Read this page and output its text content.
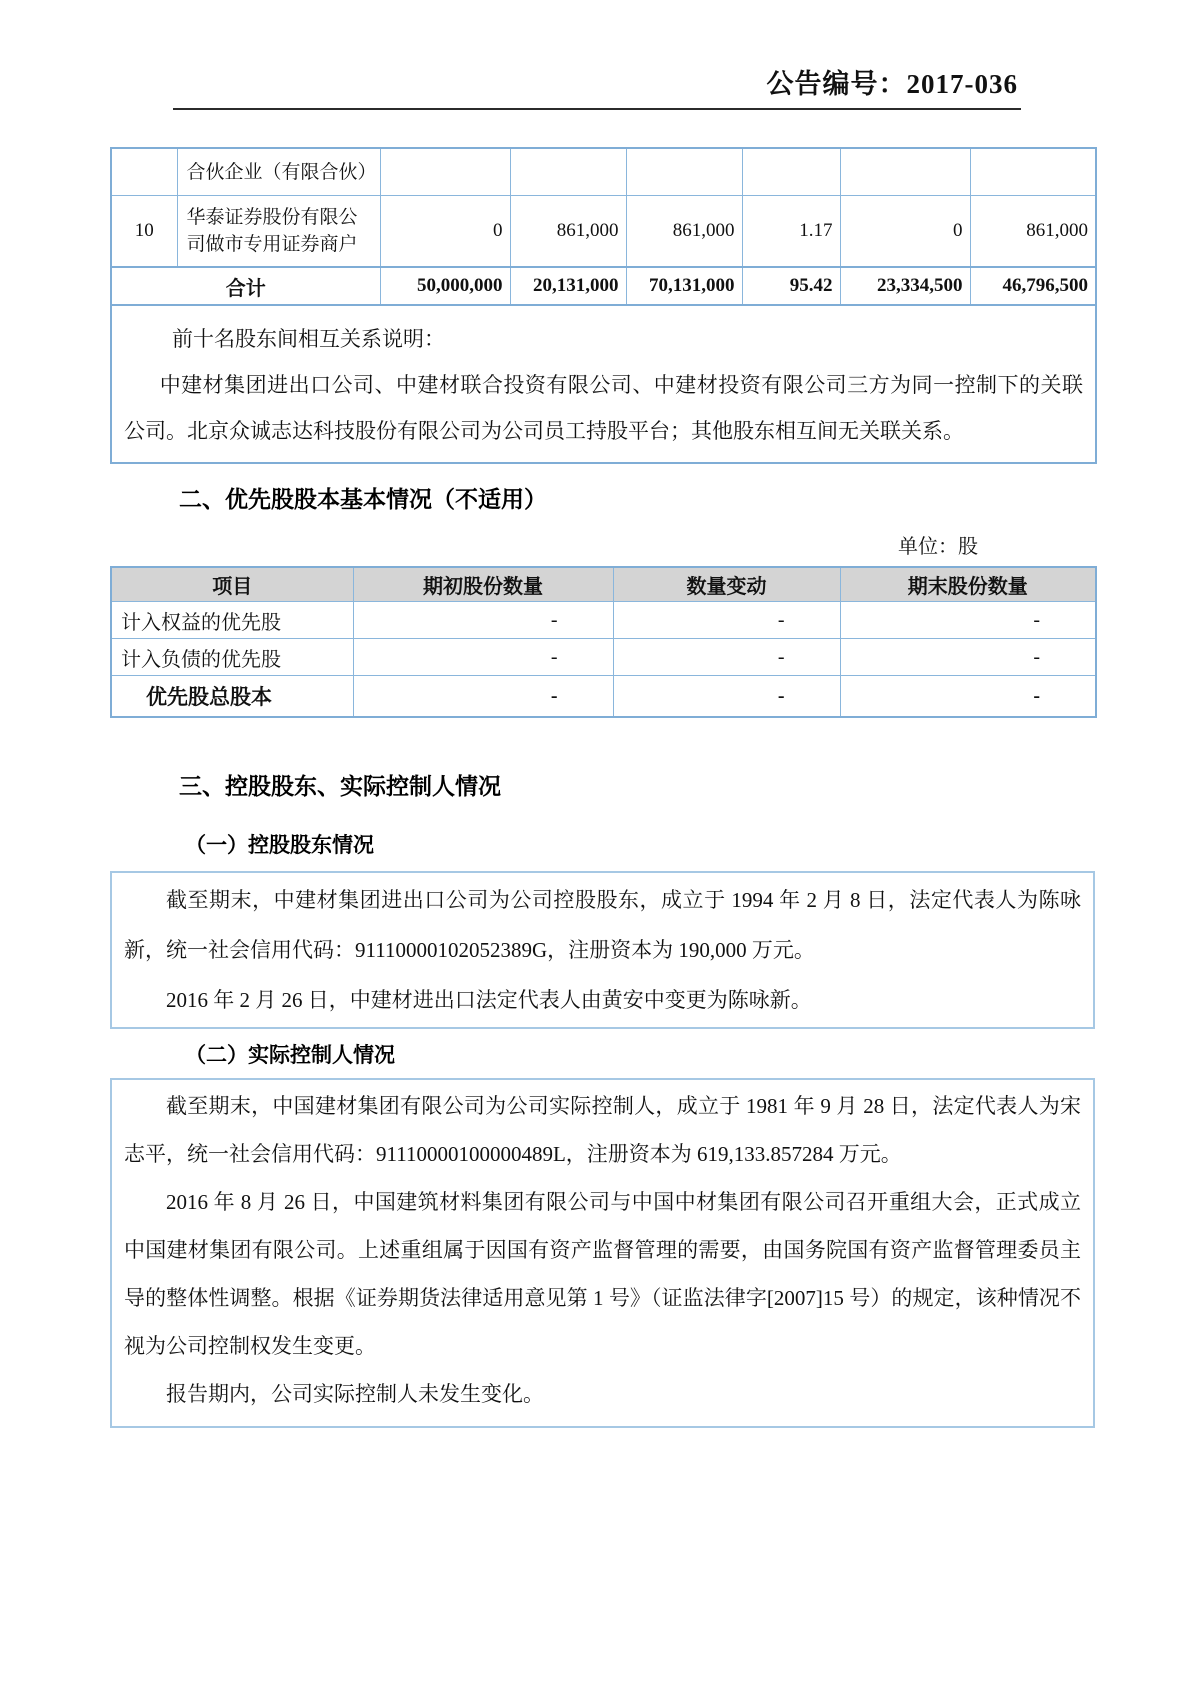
公告编号：2017-036
	合伙企业（有限合伙）						
10	华泰证券股份有限公司做市专用证券商户	0	861,000	861,000	1.17	0	861,000
合计		50,000,000	20,131,000	70,131,000	95.42	23,334,500	46,796,500

前十名股东间相互关系说明：
中建材集团进出口公司、中建材联合投资有限公司、中建材投资有限公司三方为同一控制下的关联公司。北京众诚志达科技股份有限公司为公司员工持股平台；其他股东相互间无关联关系。							
二、优先股股本基本情况（不适用）
单位：股
项目	期初股份数量	数量变动	期末股份数量
计入权益的优先股	-	-	-
计入负债的优先股	-	-	-
优先股总股本	-	-	-
三、控股股东、实际控制人情况
（一）控股股东情况

截至期末，中建材集团进出口公司为公司控股股东，成立于 1994 年 2 月 8 日，法定代表人为陈咏新，统一社会信用代码：91110000102052389G，注册资本为 190,000 万元。

2016 年 2 月 26 日，中建材进出口法定代表人由黄安中变更为陈咏新。

（二）实际控制人情况

截至期末，中国建材集团有限公司为公司实际控制人，成立于 1981 年 9 月 28 日，法定代表人为宋志平，统一社会信用代码：91110000100000489L，注册资本为 619,133.857284 万元。

2016 年 8 月 26 日，中国建筑材料集团有限公司与中国中材集团有限公司召开重组大会，正式成立中国建材集团有限公司。上述重组属于因国有资产监督管理的需要，由国务院国有资产监督管理委员主导的整体性调整。根据《证券期货法律适用意见第 1 号》（证监法律字[2007]15 号）的规定，该种情况不视为公司控制权发生变更。

报告期内，公司实际控制人未发生变化。
